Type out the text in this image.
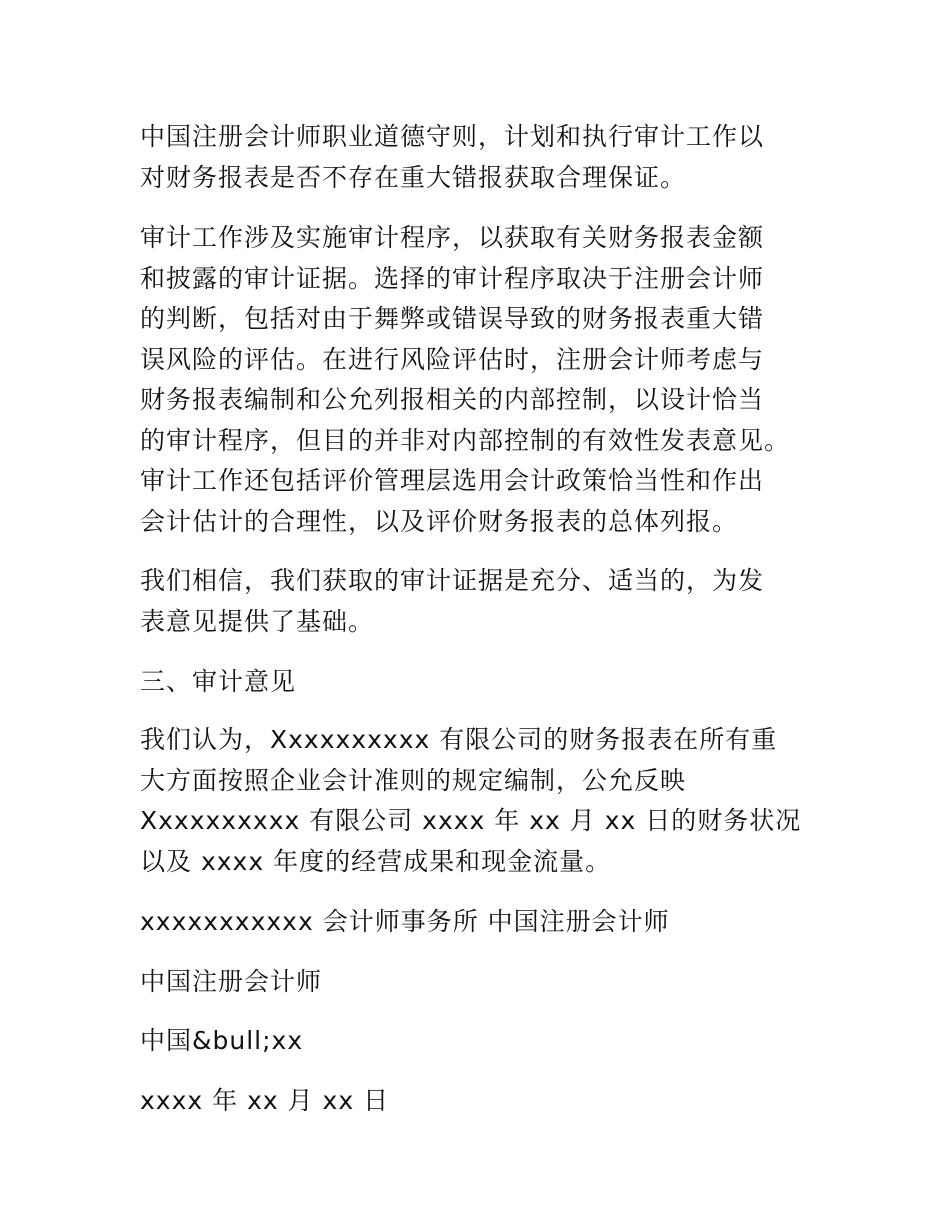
中国注册会计师职业道德守则，计划和执行审计工作以
对财务报表是否不存在重大错报获取合理保证。
审计工作涉及实施审计程序，以获取有关财务报表金额
和披露的审计证据。选择的审计程序取决于注册会计师
的判断，包括对由于舞弊或错误导致的财务报表重大错
误风险的评估。在进行风险评估时，注册会计师考虑与
财务报表编制和公允列报相关的内部控制，以设计恰当
的审计程序，但目的并非对内部控制的有效性发表意见。
审计工作还包括评价管理层选用会计政策恰当性和作出
会计估计的合理性，以及评价财务报表的总体列报。
我们相信，我们获取的审计证据是充分、适当的，为发
表意见提供了基础。
三、审计意见
我们认为，Xxxxxxxxxx 有限公司的财务报表在所有重
大方面按照企业会计准则的规定编制，公允反映
Xxxxxxxxxx 有限公司 xxxx 年 xx 月 xx 日的财务状况
以及 xxxx 年度的经营成果和现金流量。
xxxxxxxxxxx 会计师事务所 中国注册会计师
中国注册会计师
中国&bull;xx
xxxx 年 xx 月 xx 日
